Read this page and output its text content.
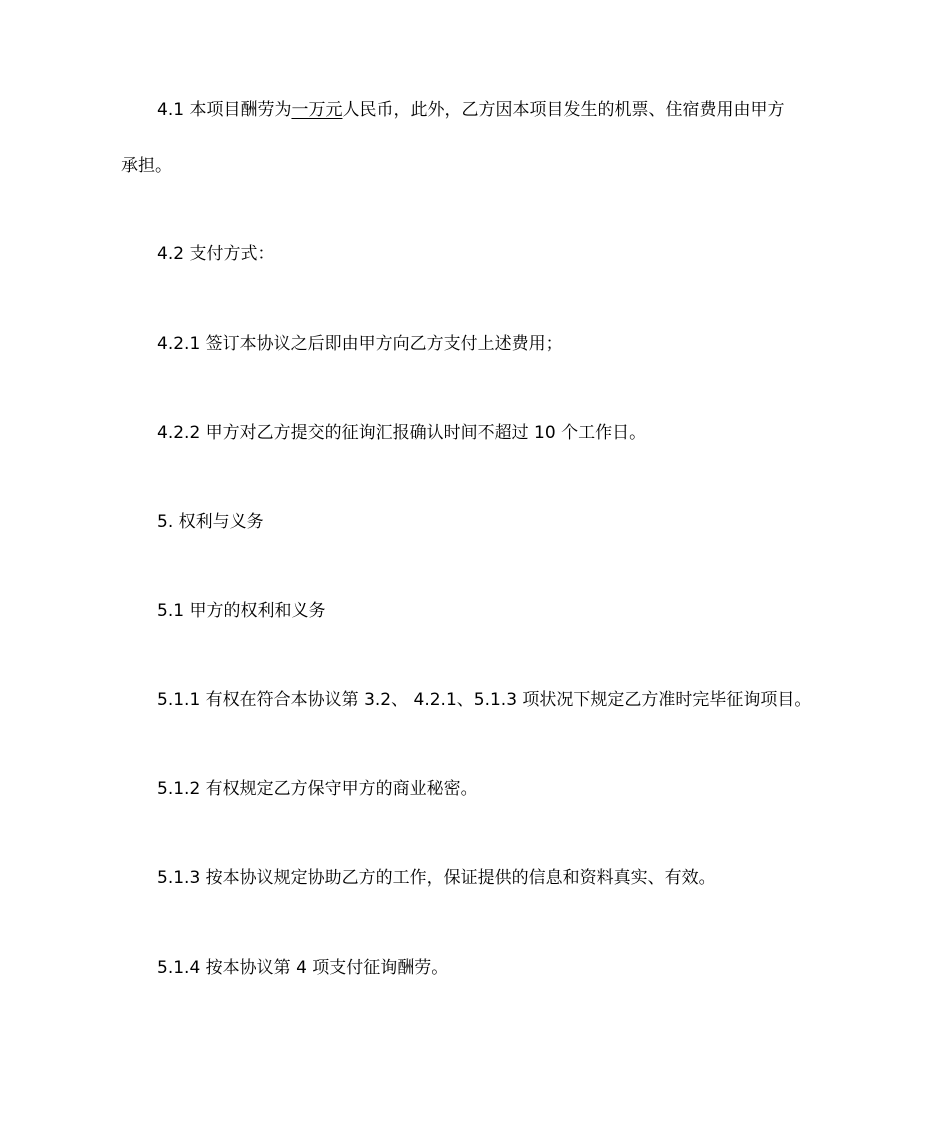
4.1 本项目酬劳为一万元人民币，此外，乙方因本项目发生的机票、住宿费用由甲方
承担。
4.2 支付方式：
4.2.1 签订本协议之后即由甲方向乙方支付上述费用；
4.2.2 甲方对乙方提交的征询汇报确认时间不超过 10 个工作日。
5. 权利与义务
5.1 甲方的权利和义务
5.1.1 有权在符合本协议第 3.2、 4.2.1、5.1.3 项状况下规定乙方准时完毕征询项目。
5.1.2 有权规定乙方保守甲方的商业秘密。
5.1.3 按本协议规定协助乙方的工作，保证提供的信息和资料真实、有效。
5.1.4 按本协议第 4 项支付征询酬劳。
